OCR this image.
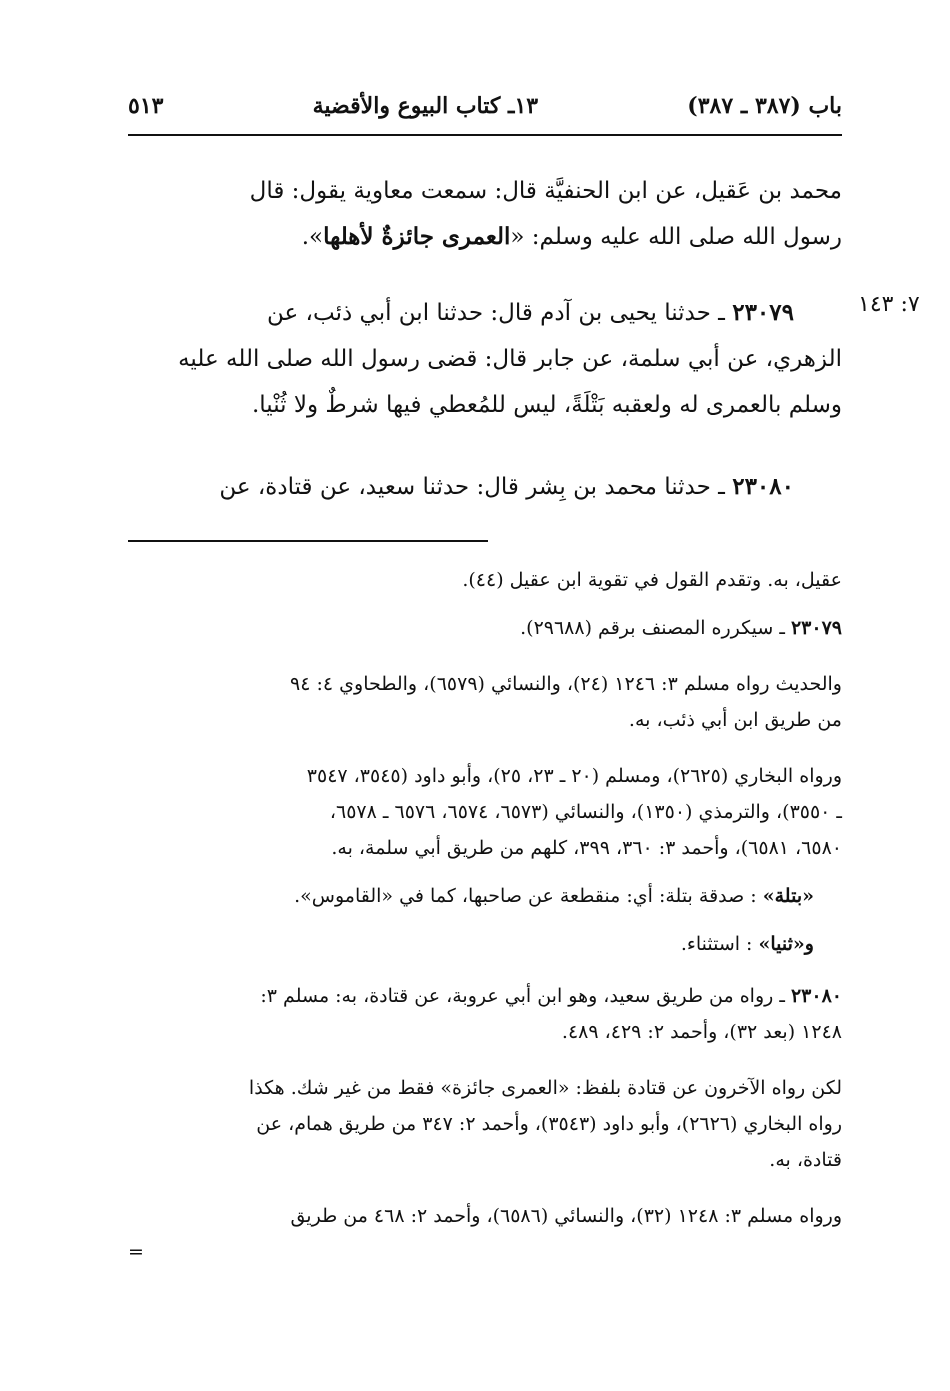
باب (٣٨٧ ـ ٣٨٧)
١٣ـ كتاب البيوع والأقضية
٥١٣

محمد بن عَقيل، عن ابن الحنفيَّة قال: سمعت معاوية يقول: قال
رسول الله صلى الله عليه وسلم: «العمرى جائزةٌ لأهلها».

٧: ١٤٣

٢٣٠٧٩ ـ حدثنا يحيى بن آدم قال: حدثنا ابن أبي ذئب، عن

الزهري، عن أبي سلمة، عن جابر قال: قضى رسول الله صلى الله عليه
وسلم بالعمرى له ولعقبه بَتْلَةً، ليس للمُعطي فيها شرطٌ ولا ثُنْيا.

٢٣٠٨٠ ـ حدثنا محمد بن بِشر قال: حدثنا سعيد، عن قتادة، عن

عقيل، به. وتقدم القول في تقوية ابن عقيل (٤٤).

٢٣٠٧٩ ـ سيكرره المصنف برقم (٢٩٦٨٨).

والحديث رواه مسلم ٣: ١٢٤٦ (٢٤)، والنسائي (٦٥٧٩)، والطحاوي ٤: ٩٤
من طريق ابن أبي ذئب، به.

ورواه البخاري (٢٦٢٥)، ومسلم (٢٠ ـ ٢٣، ٢٥)، وأبو داود (٣٥٤٥، ٣٥٤٧
ـ ٣٥٥٠)، والترمذي (١٣٥٠)، والنسائي (٦٥٧٣، ٦٥٧٤، ٦٥٧٦ ـ ٦٥٧٨،
٦٥٨٠، ٦٥٨١)، وأحمد ٣: ٣٦٠، ٣٩٩، كلهم من طريق أبي سلمة، به.

«بتلة» : صدقة بتلة: أي: منقطعة عن صاحبها، كما في «القاموس».

و«ثنيا» : استثناء.

٢٣٠٨٠ ـ رواه من طريق سعيد، وهو ابن أبي عروبة، عن قتادة، به: مسلم ٣:
١٢٤٨ (بعد ٣٢)، وأحمد ٢: ٤٢٩، ٤٨٩.

لكن رواه الآخرون عن قتادة بلفظ: «العمرى جائزة» فقط من غير شك. هكذا
رواه البخاري (٢٦٢٦)، وأبو داود (٣٥٤٣)، وأحمد ٢: ٣٤٧ من طريق همام، عن
قتادة، به.

ورواه مسلم ٣: ١٢٤٨ (٣٢)، والنسائي (٦٥٨٦)، وأحمد ٢: ٤٦٨ من طريق

=
